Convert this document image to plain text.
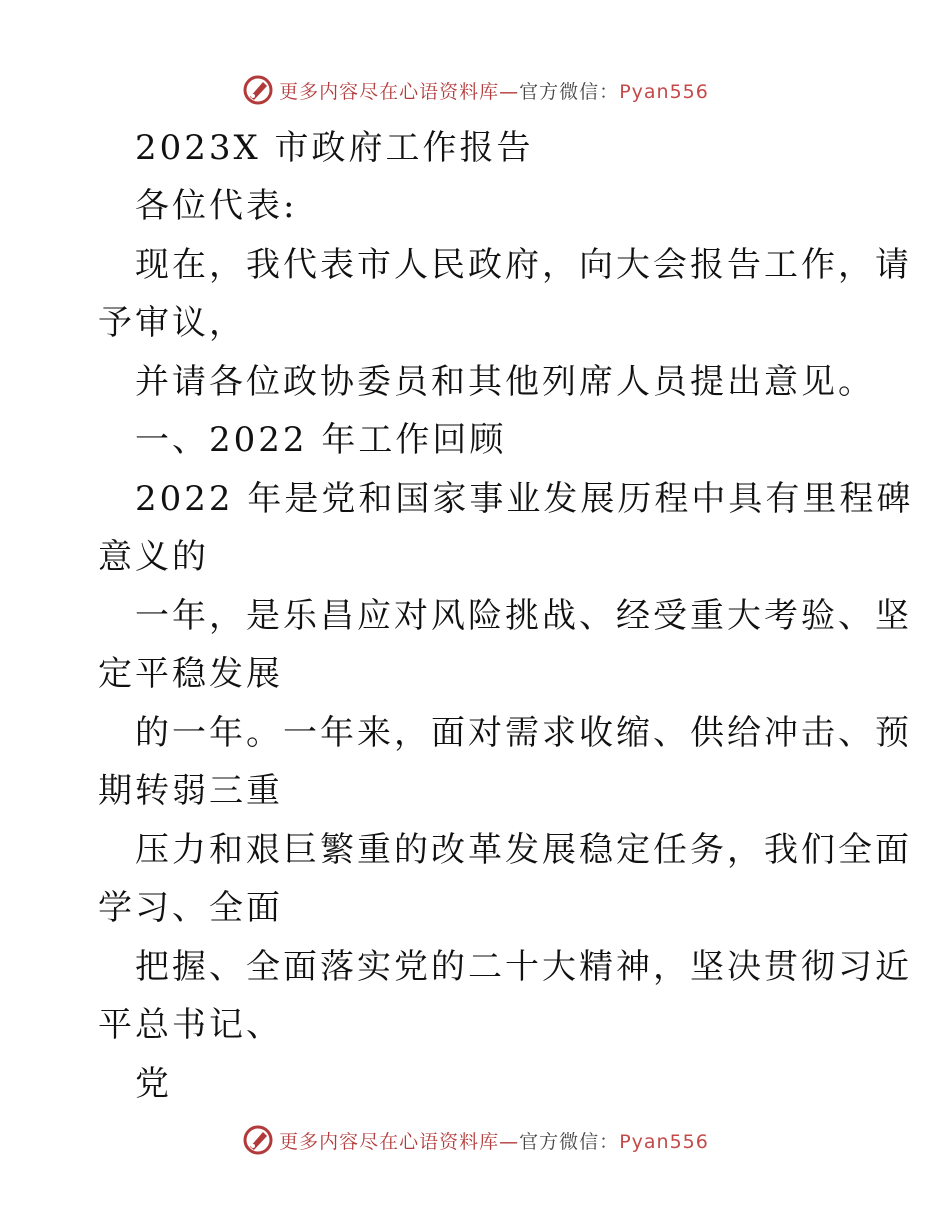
更多内容尽在心语资料库—官方微信：Pyan556
2023X 市政府工作报告
各位代表:
现在，我代表市人民政府，向大会报告工作，请
予审议，
并请各位政协委员和其他列席人员提出意见。
一、2022 年工作回顾
2022 年是党和国家事业发展历程中具有里程碑
意义的
一年，是乐昌应对风险挑战、经受重大考验、坚
定平稳发展
的一年。一年来，面对需求收缩、供给冲击、预
期转弱三重
压力和艰巨繁重的改革发展稳定任务，我们全面
学习、全面
把握、全面落实党的二十大精神，坚决贯彻习近
平总书记、
党
更多内容尽在心语资料库—官方微信：Pyan556
